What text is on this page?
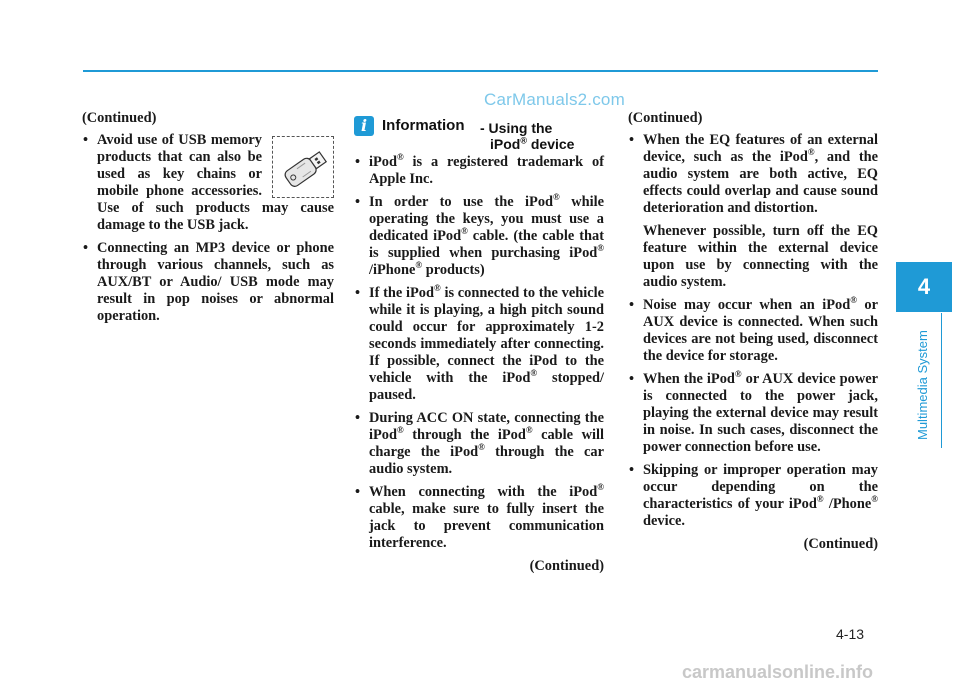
CarManuals2.com
(Continued)
• Avoid use of USB memory products that can also be used as key chains or mobile phone accessories. Use of such products may cause damage to the USB jack.
• Connecting an MP3 device or phone through various channels, such as AUX/BT or Audio/ USB mode may result in pop noises or abnormal operation.
i Information - Using the
iPod® device
• iPod® is a registered trademark of Apple Inc.
• In order to use the iPod® while operating the keys, you must use a dedicated iPod® cable. (the cable that is supplied when purchasing iPod® /iPhone® products)
• If the iPod® is connected to the vehicle while it is playing, a high pitch sound could occur for approximately 1-2 seconds immediately after connecting. If possible, connect the iPod to the vehicle with the iPod® stopped/ paused.
• During ACC ON state, connecting the iPod® through the iPod® cable will charge the iPod® through the car audio system.
• When connecting with the iPod® cable, make sure to fully insert the jack to prevent communication interference.
(Continued)
(Continued)
• When the EQ features of an external device, such as the iPod®, and the audio system are both active, EQ effects could overlap and cause sound deterioration and distortion.
Whenever possible, turn off the EQ feature within the external device upon use by connecting with the audio system.
• Noise may occur when an iPod® or AUX device is connected. When such devices are not being used, disconnect the device for storage.
• When the iPod® or AUX device power is connected to the power jack, playing the external device may result in noise. In such cases, disconnect the power connection before use.
• Skipping or improper operation may occur depending on the characteristics of your iPod® /Phone® device.
(Continued)
4
Multimedia System
4-13
carmanualsonline.info
